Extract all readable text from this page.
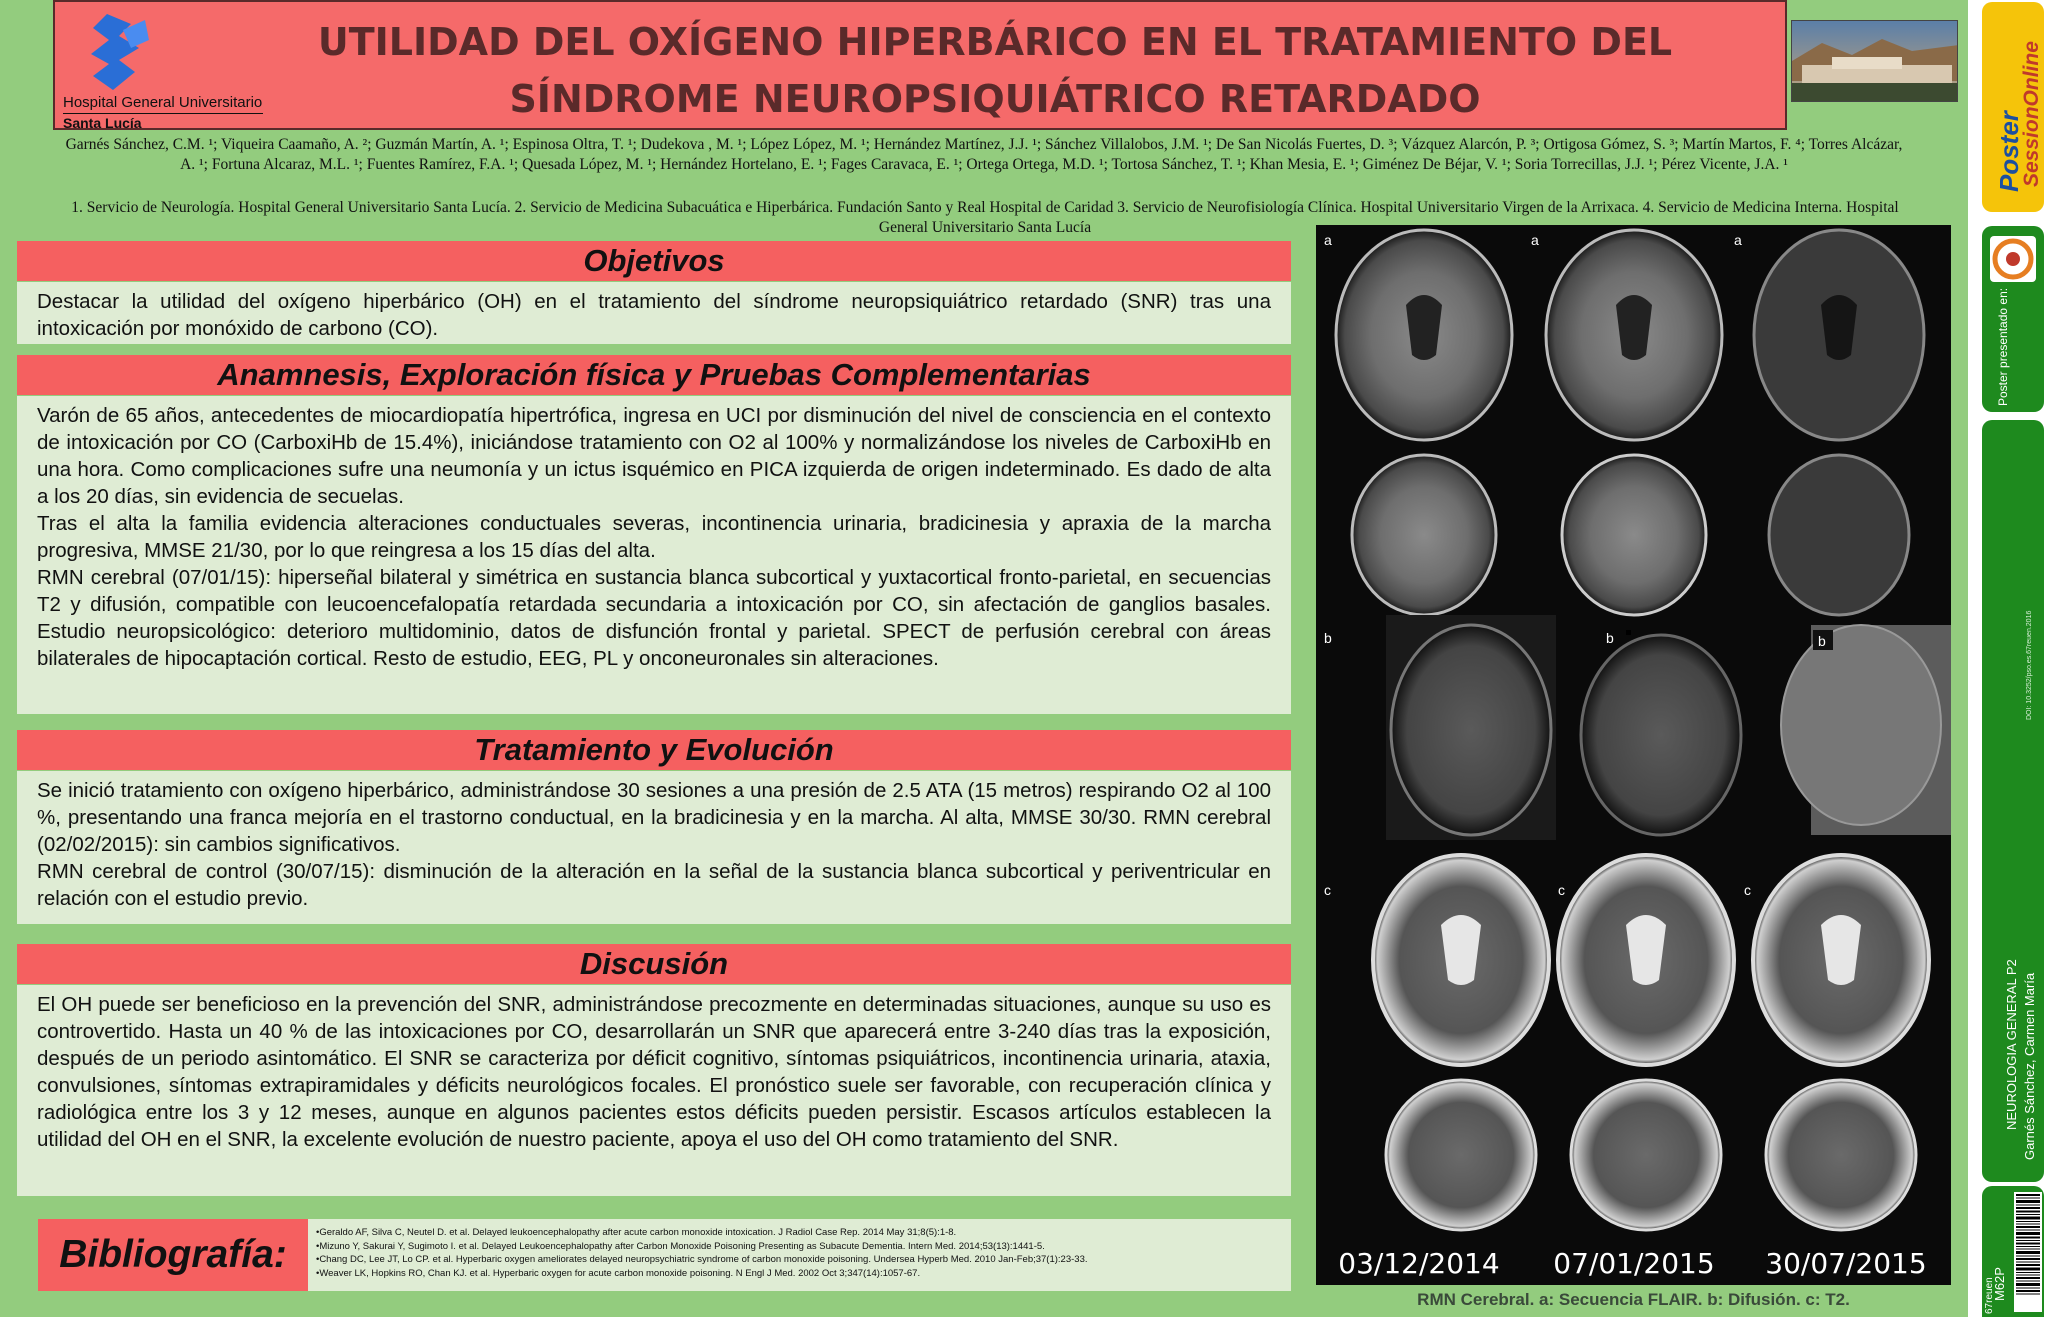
Hospital General Universitario
Santa Lucía
UTILIDAD DEL OXÍGENO HIPERBÁRICO EN EL TRATAMIENTO DEL SÍNDROME NEUROPSIQUIÁTRICO RETARDADO
Garnés Sánchez, C.M. ¹; Viqueira Caamaño, A. ²; Guzmán Martín, A. ¹; Espinosa Oltra, T. ¹; Dudekova , M. ¹; López López, M. ¹; Hernández Martínez, J.J. ¹; Sánchez Villalobos, J.M. ¹; De San Nicolás Fuertes, D. ³; Vázquez Alarcón, P. ³; Ortigosa Gómez, S. ³; Martín Martos, F. ⁴; Torres Alcázar, A. ¹; Fortuna Alcaraz, M.L. ¹; Fuentes Ramírez, F.A. ¹; Quesada López, M. ¹; Hernández Hortelano, E. ¹; Fages Caravaca, E. ¹; Ortega Ortega, M.D. ¹; Tortosa Sánchez, T. ¹; Khan Mesia, E. ¹; Giménez De Béjar, V. ¹; Soria Torrecillas, J.J. ¹; Pérez Vicente, J.A. ¹
1. Servicio de Neurología. Hospital General Universitario Santa Lucía. 2. Servicio de Medicina Subacuática e Hiperbárica. Fundación Santo y Real Hospital de Caridad 3. Servicio de Neurofisiología Clínica. Hospital Universitario Virgen de la Arrixaca. 4. Servicio de Medicina Interna. Hospital General Universitario Santa Lucía
Objetivos

Destacar la utilidad del oxígeno hiperbárico (OH) en el tratamiento del síndrome neuropsiquiátrico retardado (SNR) tras una intoxicación por monóxido de carbono (CO).

Anamnesis, Exploración física y Pruebas Complementarias

Varón de 65 años, antecedentes de miocardiopatía hipertrófica, ingresa en UCI por disminución del nivel de consciencia en el contexto de intoxicación por CO (CarboxiHb de 15.4%), iniciándose tratamiento con O2 al 100% y normalizándose los niveles de CarboxiHb en una hora. Como complicaciones sufre una neumonía y un ictus isquémico en PICA izquierda de origen indeterminado. Es dado de alta a los 20 días, sin evidencia de secuelas.

Tras el alta la familia evidencia alteraciones conductuales severas, incontinencia urinaria, bradicinesia y apraxia de la marcha progresiva, MMSE 21/30, por lo que reingresa a los 15 días del alta.

RMN cerebral (07/01/15): hiperseñal bilateral y simétrica en sustancia blanca subcortical y yuxtacortical fronto-parietal, en secuencias T2 y difusión, compatible con leucoencefalopatía retardada secundaria a intoxicación por CO, sin afectación de ganglios basales. Estudio neuropsicológico: deterioro multidominio, datos de disfunción frontal y parietal. SPECT de perfusión cerebral con áreas bilaterales de hipocaptación cortical. Resto de estudio, EEG, PL y onconeuronales sin alteraciones.

Tratamiento y Evolución

Se inició tratamiento con oxígeno hiperbárico, administrándose 30 sesiones a una presión de 2.5 ATA (15 metros) respirando O2 al 100 %, presentando una franca mejoría en el trastorno conductual, en la bradicinesia y en la marcha. Al alta, MMSE 30/30. RMN cerebral (02/02/2015): sin cambios significativos.

RMN cerebral de control (30/07/15): disminución de la alteración en la señal de la sustancia blanca subcortical y periventricular en relación con el estudio previo.

Discusión

El OH puede ser beneficioso en la prevención del SNR, administrándose precozmente en determinadas situaciones, aunque su uso es controvertido. Hasta un 40 % de las intoxicaciones por CO, desarrollarán un SNR que aparecerá entre 3-240 días tras la exposición, después de un periodo asintomático. El SNR se caracteriza por déficit cognitivo, síntomas psiquiátricos, incontinencia urinaria, ataxia, convulsiones, síntomas extrapiramidales y déficits neurológicos focales. El pronóstico suele ser favorable, con recuperación clínica y radiológica entre los 3 y 12 meses, aunque en algunos pacientes estos déficits pueden persistir. Escasos artículos establecen la utilidad del OH en el SNR, la excelente evolución de nuestro paciente, apoya el uso del OH como tratamiento del SNR.

Bibliografía:
•Geraldo AF, Silva C, Neutel D. et al. Delayed leukoencephalopathy after acute carbon monoxide intoxication. J Radiol Case Rep. 2014 May 31;8(5):1-8.
•Mizuno Y, Sakurai Y, Sugimoto I. et al. Delayed Leukoencephalopathy after Carbon Monoxide Poisoning Presenting as Subacute Dementia. Intern Med. 2014;53(13):1441-5.
•Chang DC, Lee JT, Lo CP. et al. Hyperbaric oxygen ameliorates delayed neuropsychiatric syndrome of carbon monoxide poisoning. Undersea Hyperb Med. 2010 Jan-Feb;37(1):23-33.
•Weaver LK, Hopkins RO, Chan KJ. et al. Hyperbaric oxygen for acute carbon monoxide poisoning. N Engl J Med. 2002 Oct 3;347(14):1057-67.
a	a	a
b	b	b
c	c	c
03/12/2014 07/01/2015 30/07/2015
RMN Cerebral. a: Secuencia FLAIR. b: Difusión. c: T2.
Poster
SessionOnline
Poster presentado en:
DOI: 10.3252/pso.es.67reuen.2016
NEUROLOGIA GENERAL P2 Garnés Sánchez, Carmen María
M62P
67reuen
